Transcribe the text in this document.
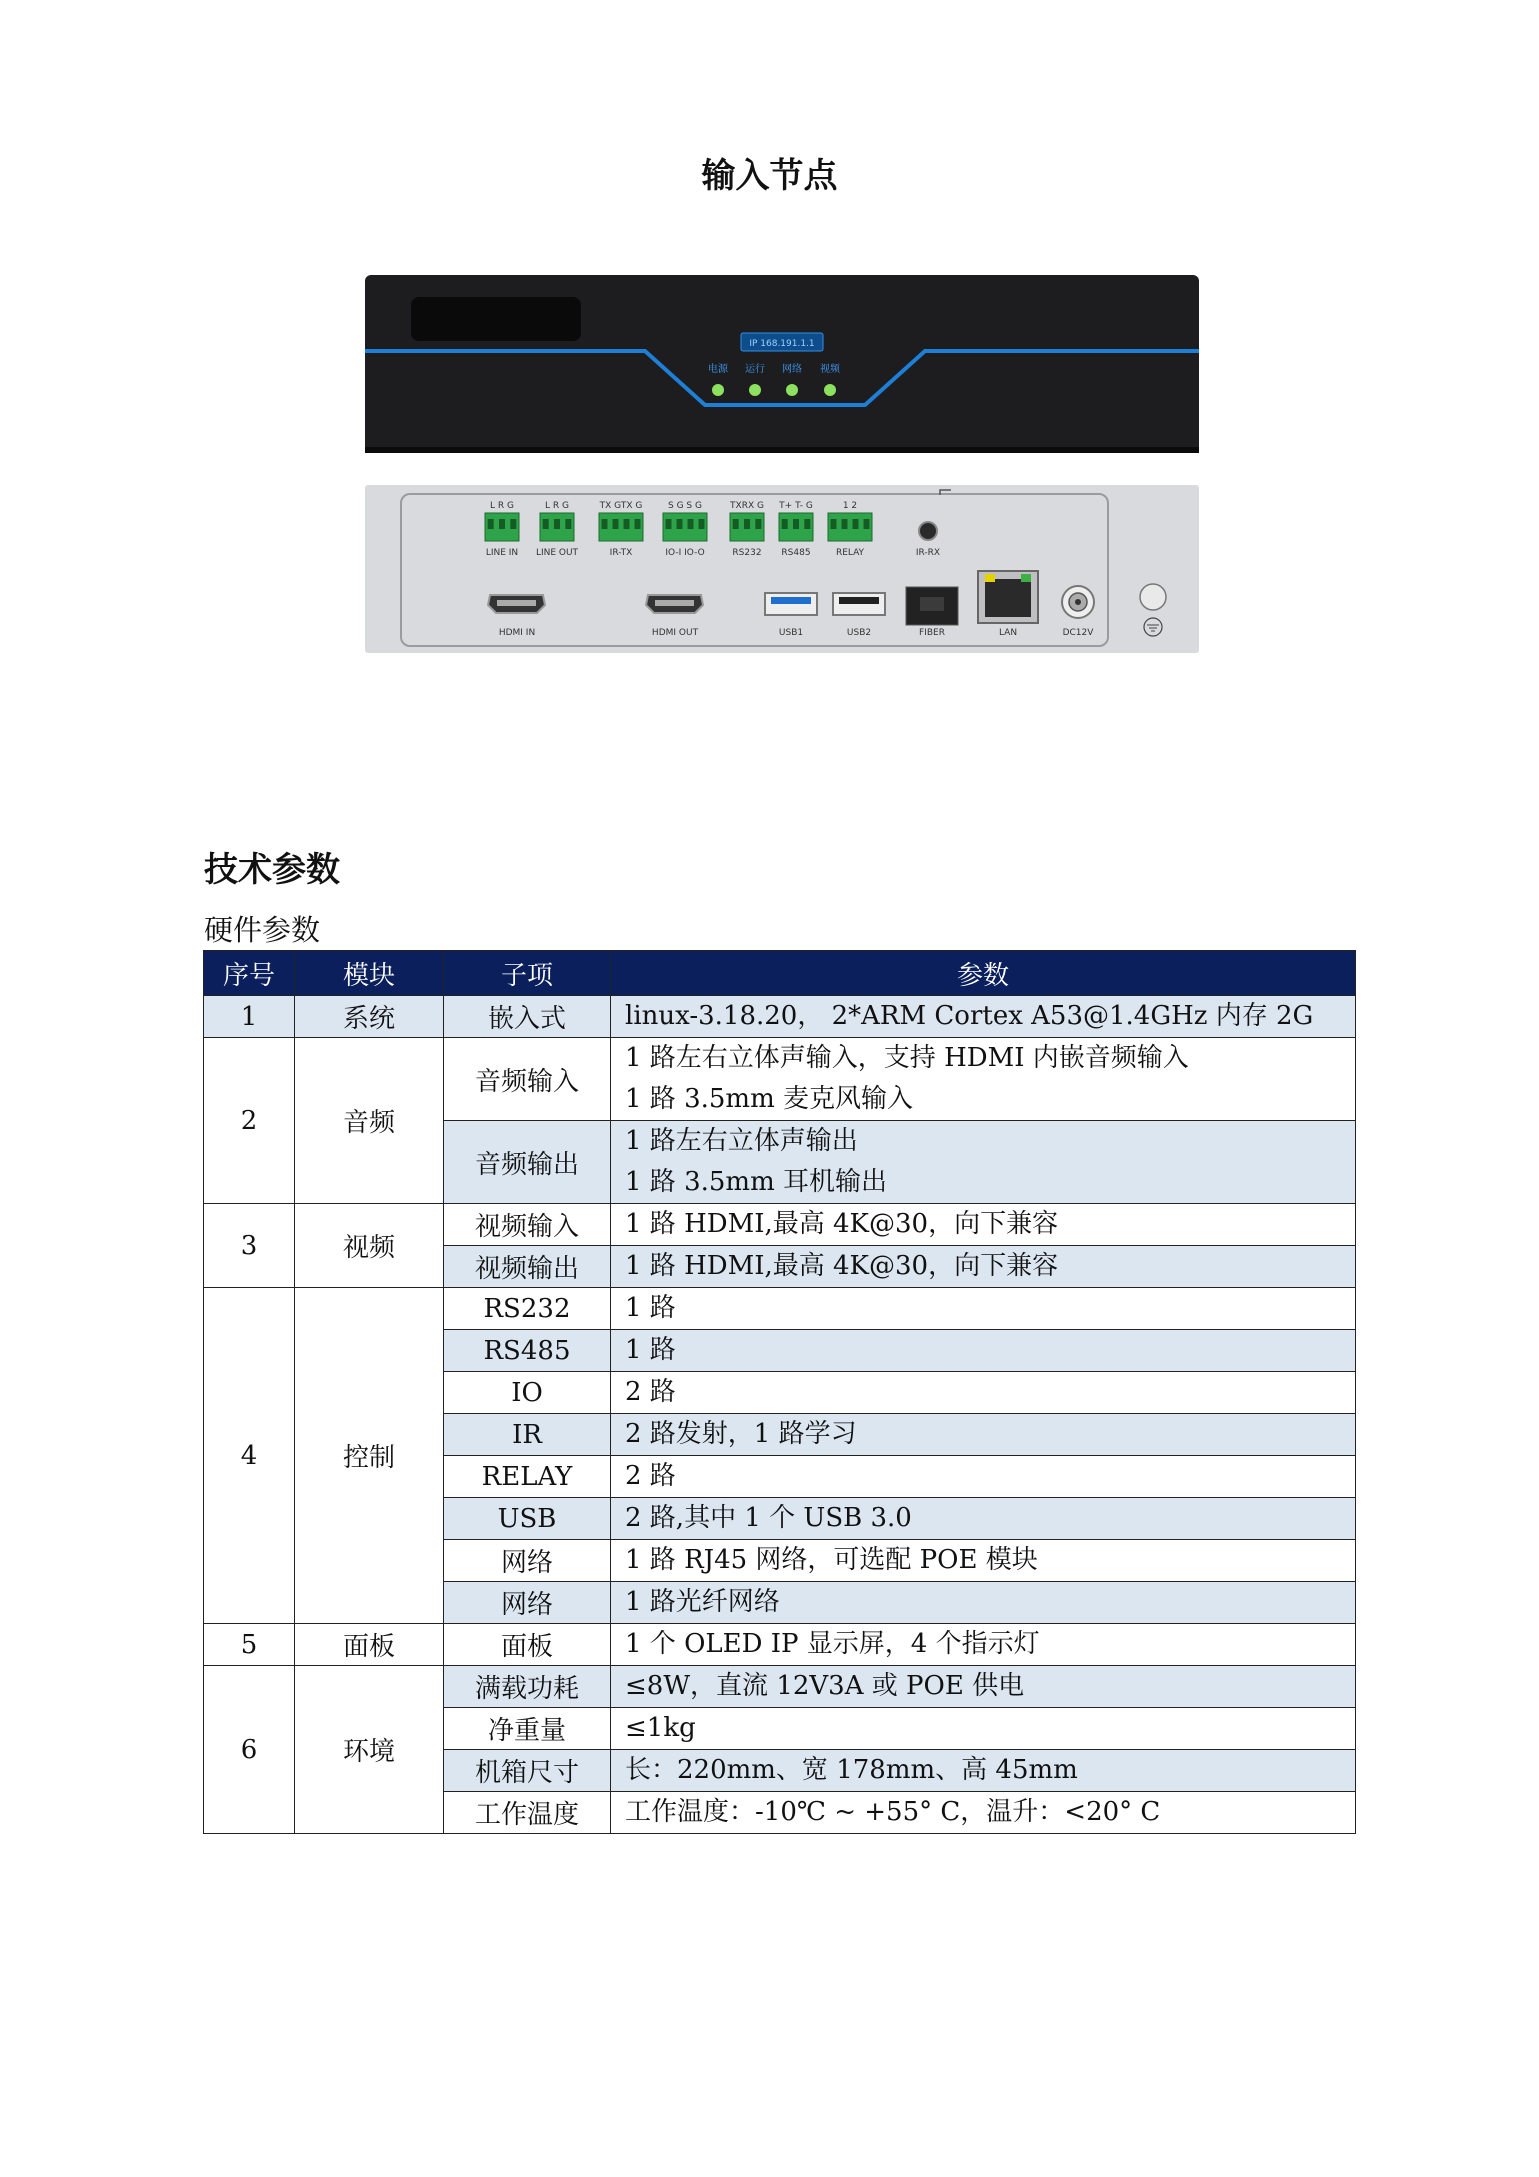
输入节点
IP 168.191.1.1
电源 运行 网络 视频
L R G
LINE IN
L R G
LINE OUT
TX GTX G
IR-TX
S G S G
IO-I IO-O
TXRX G
RS232
T+ T- G
RS485
1 2
RELAY	IR-RX
HDMI IN	HDMI OUT	USB1	USB2	FIBER	LAN	DC12V
技术参数
硬件参数
序号	模块	子项	参数
1	系统	嵌入式	linux-3.18.20， 2*ARM Cortex A53@1.4GHz 内存 2G

2	音频	音频输入	1 路左右立体声输入，支持 HDMI 内嵌音频输入
1 路 3.5mm 麦克风输入

		音频输出	1 路左右立体声输出
1 路 3.5mm 耳机输出

3	视频	视频输入	1 路 HDMI,最高 4K@30，向下兼容

		视频输出	1 路 HDMI,最高 4K@30，向下兼容

4	控制	RS232	1 路

		RS485	1 路

		IO	2 路

		IR	2 路发射，1 路学习

		RELAY	2 路

		USB	2 路,其中 1 个 USB 3.0

		网络	1 路 RJ45 网络，可选配 POE 模块

		网络	1 路光纤网络

5	面板	面板	1 个 OLED IP 显示屏，4 个指示灯

6	环境	满载功耗	≤8W，直流 12V3A 或 POE 供电

		净重量	≤1kg

		机箱尺寸	长：220mm、宽 178mm、高 45mm

		工作温度	工作温度：-10℃ ~ +55° C，温升：<20° C
